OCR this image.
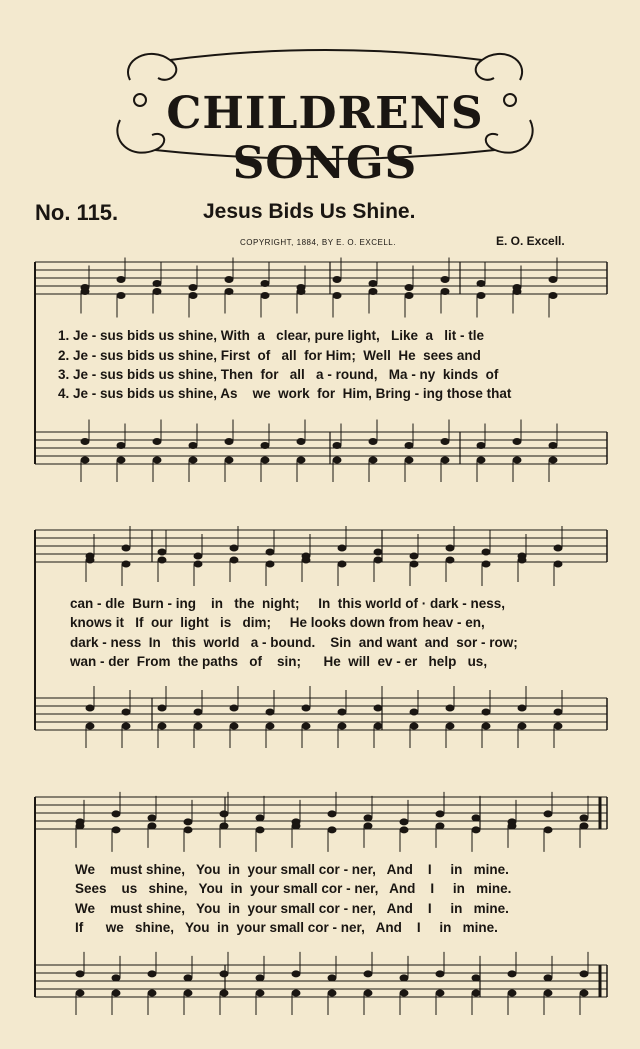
CHILDRENS
SONGS
No. 115.	Jesus Bids Us Shine.
COPYRIGHT, 1884, BY E. O. EXCELL.	E. O. Excell.
1. Je - sus bids us shine, With  a   clear, pure light,   Like  a   lit - tle
2. Je - sus bids us shine, First  of   all  for Him;  Well  He  sees and
3. Je - sus bids us shine, Then  for   all   a - round,   Ma - ny  kinds  of
4. Je - sus bids us shine, As    we  work  for  Him, Bring - ing those that
can - dle  Burn - ing    in   the  night;     In  this world of · dark - ness,
knows it   If  our  light   is   dim;     He looks down from heav - en,
dark - ness  In   this  world   a - bound.    Sin  and want  and  sor - row;
wan - der  From  the paths   of    sin;      He  will  ev - er   help   us,
We    must shine,   You  in  your small cor - ner,   And    I     in   mine.
Sees    us   shine,   You  in  your small cor - ner,   And    I     in   mine.
We    must shine,   You  in  your small cor - ner,   And    I     in   mine.
If      we   shine,   You  in  your small cor - ner,   And    I     in   mine.
